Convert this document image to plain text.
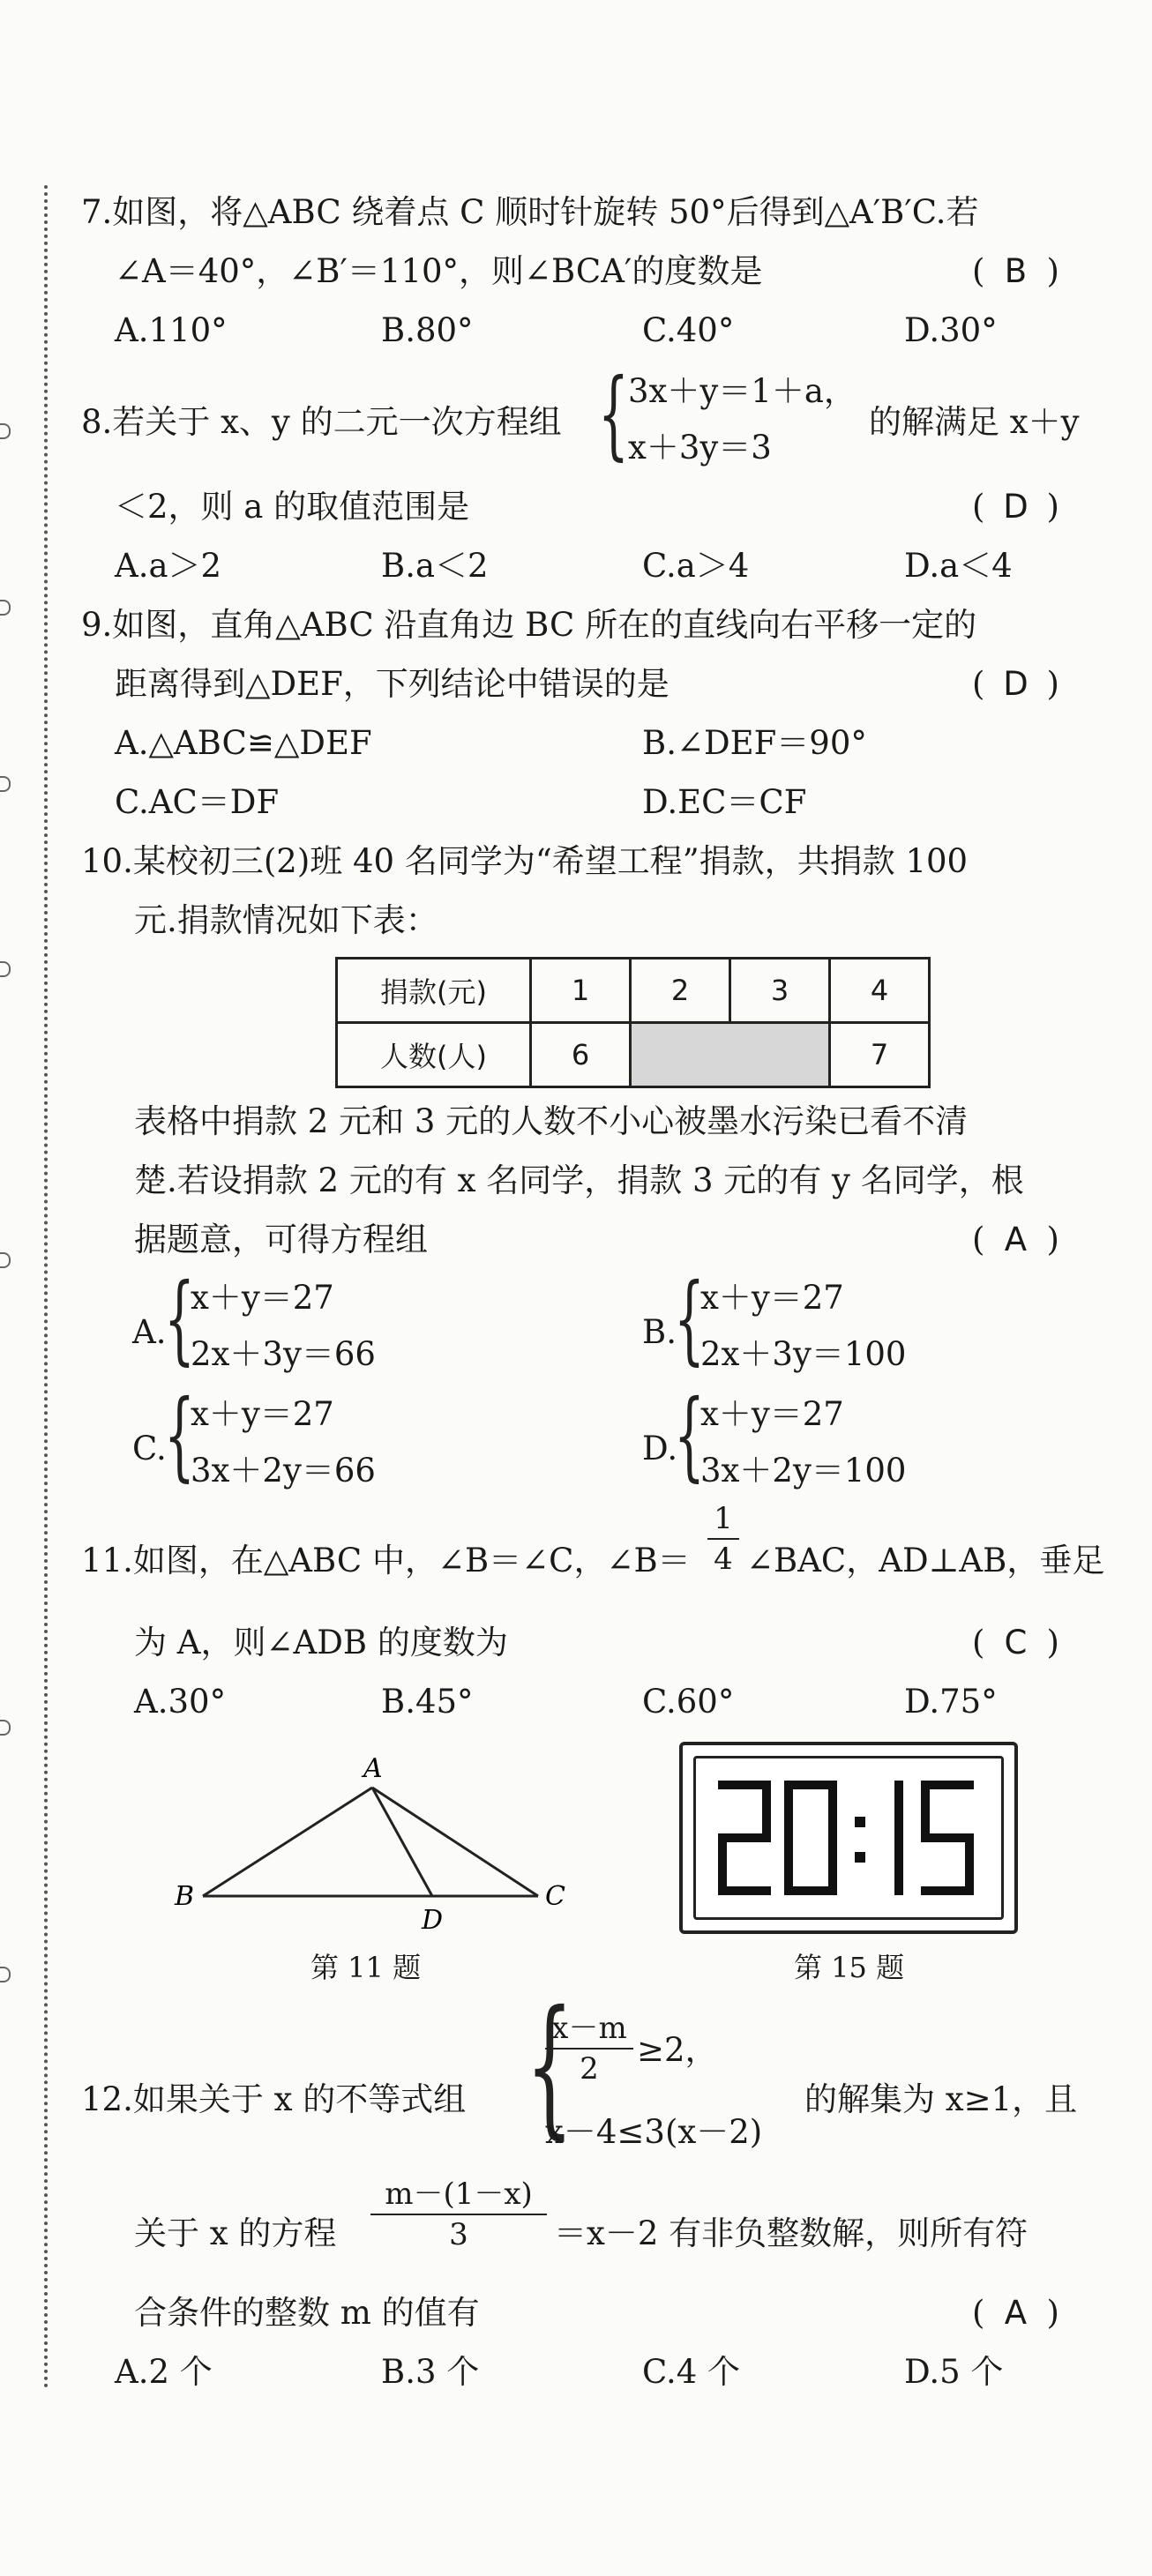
7.如图，将△ABC 绕着点 C 顺时针旋转 50°后得到△A′B′C.若
∠A＝40°，∠B′＝110°，则∠BCA′的度数是	( B )
A.110°	B.80°	C.40°	D.30°
8.若关于 x、y 的二元一次方程组 { 3x＋y＝1＋a，
x＋3y＝3
的解满足 x＋y
＜2，则 a 的取值范围是	( D )
A.a＞2	B.a＜2	C.a＞4	D.a＜4
9.如图，直角△ABC 沿直角边 BC 所在的直线向右平移一定的
距离得到△DEF，下列结论中错误的是	( D )
A.△ABC≌△DEF	B.∠DEF＝90°
C.AC＝DF	D.EC＝CF
10.某校初三(2)班 40 名同学为“希望工程”捐款，共捐款 100
元.捐款情况如下表：
捐款(元)	1	2	3	4
人数(人)	6			7
表格中捐款 2 元和 3 元的人数不小心被墨水污染已看不清
楚.若设捐款 2 元的有 x 名同学，捐款 3 元的有 y 名同学，根
据题意，可得方程组	( A )
A.
{
x＋y＝27
2x＋3y＝66
B.
{
x＋y＝27
2x＋3y＝100
C.
{
x＋y＝27
3x＋2y＝66
D.
{
x＋y＝27
3x＋2y＝100
11.如图，在△ABC 中，∠B＝∠C，∠B＝
1
4 ∠BAC，AD⊥AB，垂足
为 A，则∠ADB 的度数为	( C )
A.30°	B.45°	C.60°	D.75°
A
B
D
C
第 11 题	第 15 题
12.如果关于 x 的不等式组 {
x－m
2	≥2，
x－4≤3(x－2)
的解集为 x≥1，且
关于 x 的方程
m－(1－x)
3	＝x－2 有非负整数解，则所有符
合条件的整数 m 的值有	( A )
A.2 个	B.3 个	C.4 个	D.5 个
